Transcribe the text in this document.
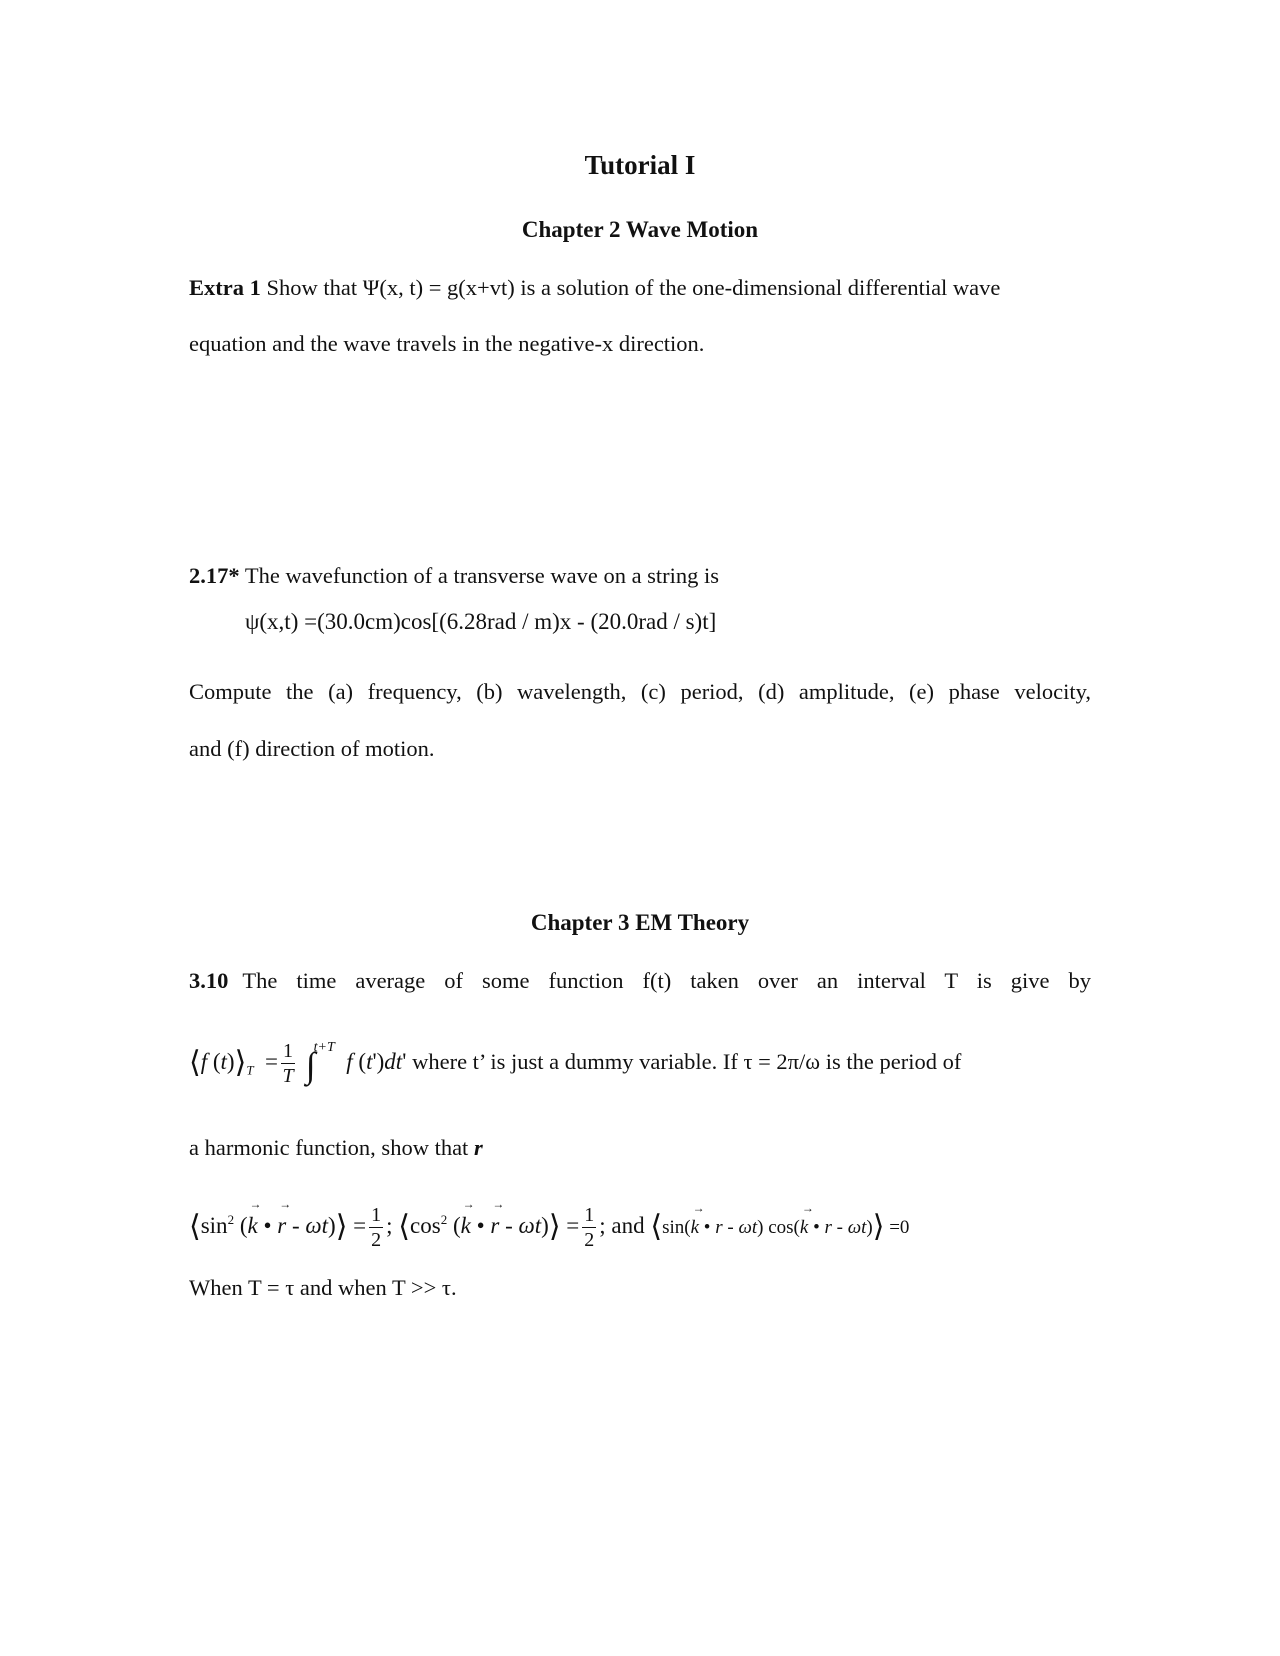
Tutorial I
Chapter 2 Wave Motion
Extra 1 Show that Ψ(x, t) = g(x+vt) is a solution of the one-dimensional differential wave
equation and the wave travels in the negative-x direction.
2.17* The wavefunction of a transverse wave on a string is
ψ(x,t) =(30.0cm)cos[(6.28rad / m)x - (20.0rad / s)t]
Compute the (a) frequency, (b) wavelength, (c) period, (d) amplitude, (e) phase velocity,
and (f) direction of motion.
Chapter 3 EM Theory
3.10 The time average of some function f(t) taken over an interval T is give by
⟨f $(t)⟩_T = \frac{1}{T} \int^{t+T}$  f (t')dt' where t’ is just a dummy variable. If τ = 2π/ω is the period of
a harmonic function, show that r
$⟨\sin^2$ (→ k • → r - ωt)⟩ = $\frac{1}{2}$ ; $⟨\cos^2$ (→ k • → r - ωt)⟩ = $\frac{1}{2}$ ; and ⟨sin(→ k • r - ωt) cos(→ k • r - ωt)⟩ =0
When T = τ and when T >> τ.
